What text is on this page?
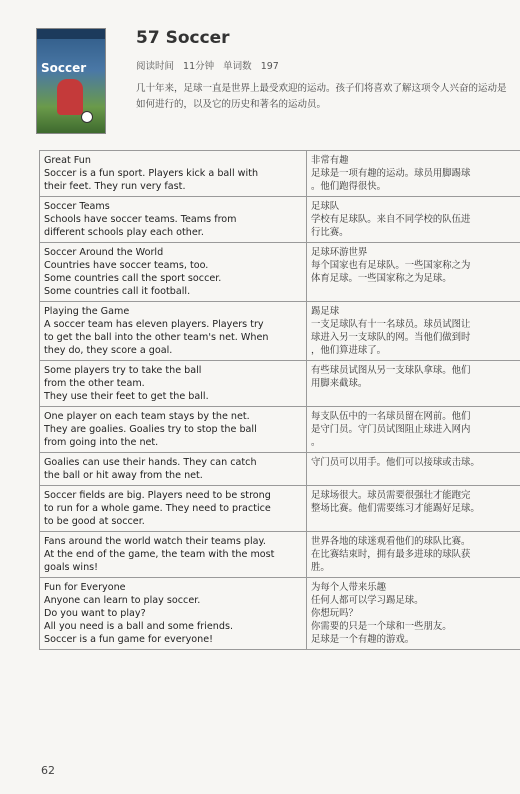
Soccer
57 Soccer
阅读时间 11分钟 单词数 197
几十年来，足球一直是世界上最受欢迎的运动。孩子们将喜欢了解这项令人兴奋的运动是如何进行的，以及它的历史和著名的运动员。
Great Fun
Soccer is a fun sport. Players kick a ball with
their feet. They run very fast.	非常有趣
足球是一项有趣的运动。球员用脚踢球
。他们跑得很快。

Soccer Teams
Schools have soccer teams. Teams from
different schools play each other.	足球队
学校有足球队。来自不同学校的队伍进
行比赛。

Soccer Around the World
Countries have soccer teams, too.
Some countries call the sport soccer.
Some countries call it football.	足球环游世界
每个国家也有足球队。一些国家称之为
体育足球。一些国家称之为足球。

Playing the Game
A soccer team has eleven players. Players try
to get the ball into the other team's net. When
they do, they score a goal.	踢足球
一支足球队有十一名球员。球员试图让
球进入另一支球队的网。当他们做到时
，他们算进球了。

Some players try to take the ball
from the other team.
They use their feet to get the ball.	有些球员试图从另一支球队拿球。他们
用脚来截球。

One player on each team stays by the net.
They are goalies. Goalies try to stop the ball
from going into the net.	每支队伍中的一名球员留在网前。他们
是守门员。守门员试图阻止球进入网内
。

Goalies can use their hands. They can catch
the ball or hit away from the net.	守门员可以用手。他们可以接球或击球。

Soccer fields are big. Players need to be strong
to run for a whole game. They need to practice
to be good at soccer.	足球场很大。球员需要很强壮才能跑完
整场比赛。他们需要练习才能踢好足球。

Fans around the world watch their teams play.
At the end of the game, the team with the most
goals wins!	世界各地的球迷观看他们的球队比赛。
在比赛结束时，拥有最多进球的球队获
胜。

Fun for Everyone
Anyone can learn to play soccer.
Do you want to play?
All you need is a ball and some friends.
Soccer is a fun game for everyone!	为每个人带来乐趣
任何人都可以学习踢足球。
你想玩吗？
你需要的只是一个球和一些朋友。
足球是一个有趣的游戏。
62
